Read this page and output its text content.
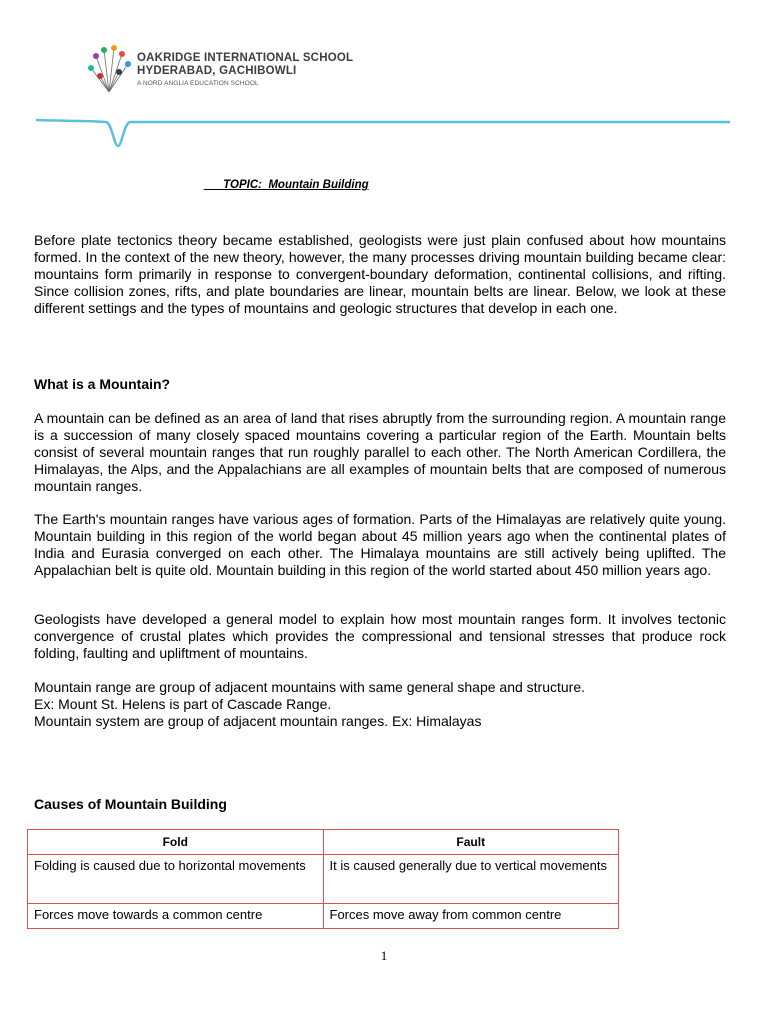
OAKRIDGE INTERNATIONAL SCHOOL
HYDERABAD, GACHIBOWLI
A NORD ANGLIA EDUCATION SCHOOL
___TOPIC:  Mountain Building
Before plate tectonics theory became established, geologists were just plain confused about how mountains formed. In the context of the new theory, however, the many processes driving mountain building became clear: mountains form primarily in response to convergent-boundary deformation, continental collisions, and rifting. Since collision zones, rifts, and plate boundaries are linear, mountain belts are linear. Below, we look at these different settings and the types of mountains and geologic structures that develop in each one.
What is a Mountain?
A mountain can be defined as an area of land that rises abruptly from the surrounding region. A mountain range is a succession of many closely spaced mountains covering a particular region of the Earth. Mountain belts consist of several mountain ranges that run roughly parallel to each other. The North American Cordillera, the Himalayas, the Alps, and the Appalachians are all examples of mountain belts that are composed of numerous mountain ranges.
The Earth's mountain ranges have various ages of formation. Parts of the Himalayas are relatively quite young. Mountain building in this region of the world began about 45 million years ago when the continental plates of India and Eurasia converged on each other. The Himalaya mountains are still actively being uplifted. The Appalachian belt is quite old. Mountain building in this region of the world started about 450 million years ago.
Geologists have developed a general model to explain how most mountain ranges form. It involves tectonic convergence of crustal plates which provides the compressional and tensional stresses that produce rock folding, faulting and upliftment of mountains.
Mountain range are group of adjacent mountains with same general shape and structure.
Ex: Mount St. Helens is part of Cascade Range.
Mountain system are group of adjacent mountain ranges. Ex: Himalayas
Causes of Mountain Building
Fold	Fault
Folding is caused due to horizontal movements	It is caused generally due to vertical movements
Forces move towards a common centre	Forces move away from common centre
1
